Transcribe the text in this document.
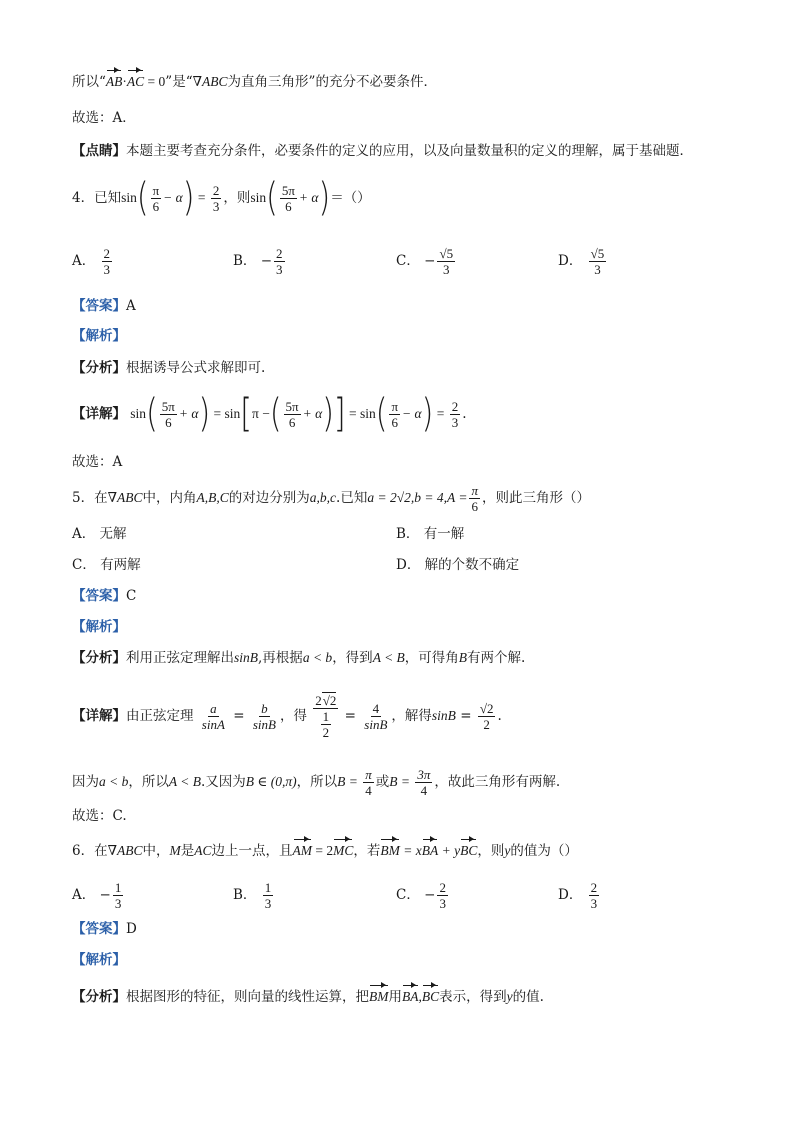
所以“AB·AC = 0”是“∇ABC为直角三角形”的充分不必要条件．
故选：A．
【点睛】本题主要考查充分条件，必要条件的定义的应用，以及向量数量积的定义的理解，属于基础题．
4．已知$\sin( \frac{\pi}{6} - \alpha) = \frac{2}{3}$ ，则$\sin( \frac{5\pi}{6} + \alpha)=()$
A． $\frac{2}{3}$	B． − $\frac{2}{3}$	C． − $\frac{√5}{3}$	D． $\frac{√5}{3}$
【答案】A
【解析】
【分析】根据诱导公式求解即可.
【详解】 $\sin( \frac{5\pi}{6} + \alpha) = \sin[\pi$ −( $\frac{5\pi}{6} + \alpha)] = \sin( \frac{\pi}{6} - \alpha) = \frac{2}{3}$ .
故选：A
5．在∇ABC中，内角A,B,C的对边分别为a,b,c.已知$a = 2√2,b = 4,A = \frac{\pi}{6}$ ，则此三角形（）
A． 无解	B． 有一解
C． 有两解	D． 解的个数不确定
【答案】C
【解析】
【分析】利用正弦定理解出sinB,再根据a < b，得到A < B，可得角B有两个解.
【详解】由正弦定理 $\frac{a}{\sin A} = \frac{b}{\sin B}$ ，得 $\frac{2√2}{\frac{1}{2}} = \frac{4}{\sin B}$ ，解得$\sin B = \frac{√2}{2}$ .
因为a < b，所以A < B.又因为B ∈ (0,π)，所以$B = \frac{\pi}{4}$ 或$B = \frac{3\pi}{4}$ ，故此三角形有两解.
故选：C.
6．在∇ABC中，M是AC边上一点，且AM = 2MC，若BM = xBA + yBC，则y的值为（）
A． − $\frac{1}{3}$	B． $\frac{1}{3}$	C． − $\frac{2}{3}$	D． $\frac{2}{3}$
【答案】D
【解析】
【分析】根据图形的特征，则向量的线性运算，把BM用BA,BC表示，得到y的值.
